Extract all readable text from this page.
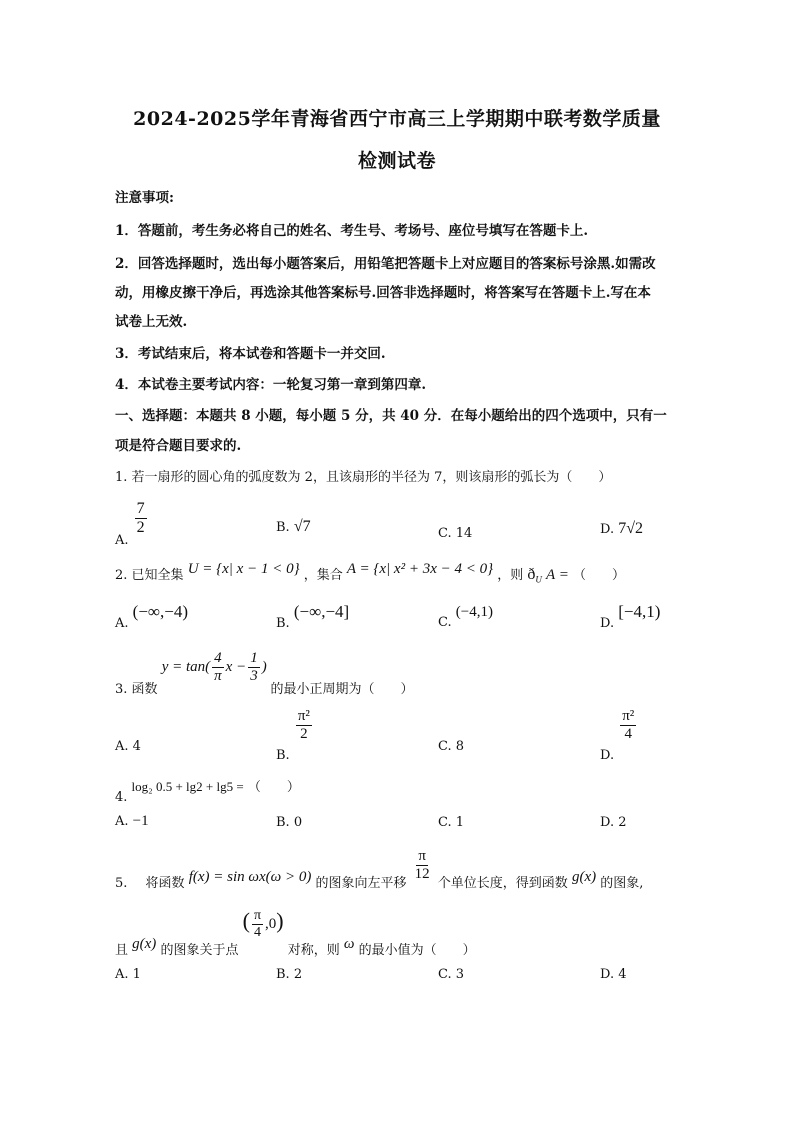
2024-2025学年青海省西宁市高三上学期期中联考数学质量
检测试卷
注意事项:
1．答题前，考生务必将自己的姓名、考生号、考场号、座位号填写在答题卡上.
2．回答选择题时，选出每小题答案后，用铅笔把答题卡上对应题目的答案标号涂黑.如需改
动，用橡皮擦干净后，再选涂其他答案标号.回答非选择题时，将答案写在答题卡上.写在本
试卷上无效.
3．考试结束后，将本试卷和答题卡一并交回.
4．本试卷主要考试内容：一轮复习第一章到第四章.
一、选择题：本题共 8 小题，每小题 5 分，共 40 分．在每小题给出的四个选项中，只有一
项是符合题目要求的.
1. 若一扇形的圆心角的弧度数为 2，且该扇形的半径为 7，则该扇形的弧长为（　　）
A.
$\frac{7}{2}$	B. √7	C. 14	D. 7√2
2. 已知全集 U = {x| x − 1 < 0} ，集合 A = {x| x² + 3x − 4 < 0} ，则 $ð_U$ A = （　　）
A. (−∞,−4)
B. (−∞,−4]
C. (−4,1)
D. [−4,1)
3. 函数 $y = \tan( \frac{4}{\pi}$ $x - \frac{1}{3}$ ) 的最小正周期为（　　）
A. 4
B.
$\frac{\text{π²}}{2}$
C. 8
D.
$\frac{\text{π²}}{4}$
4. log₂ 0.5 + lg2 + lg5 = （　　）
A. −1	B. 0	C. 1	D. 2
5. 将函数 f(x) = sin ωx(ω > 0) 的图象向左平移
$\frac{\pi}{12}$
个单位长度，得到函数 g(x) 的图象,
且 g(x) 的图象关于点 ( $\frac{\pi}{4} ,0$) 对称，则 ω 的最小值为（　　）
A. 1	B. 2	C. 3	D. 4
